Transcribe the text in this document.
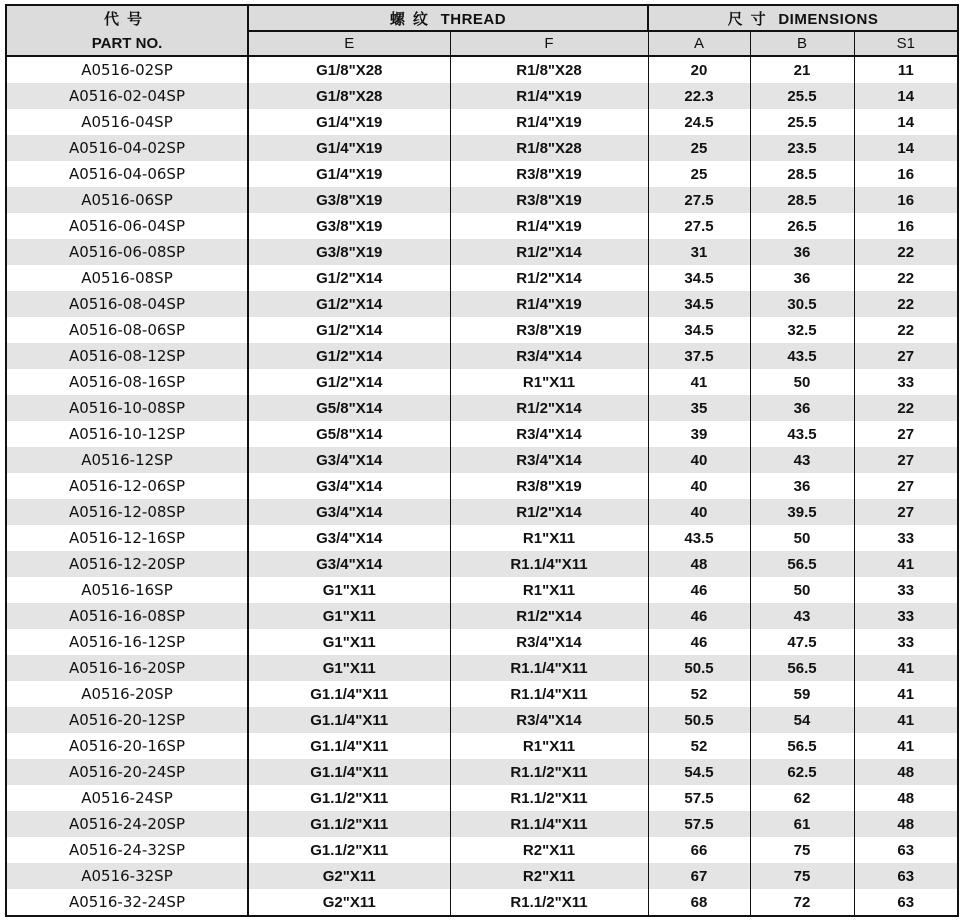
代号	螺纹 THREAD		尺寸 DIMENSIONS		
PART NO.	E	F	A	B	S1
A0516-02SP	G1/8"X28	R1/8"X28	20	21	11
A0516-02-04SP	G1/8"X28	R1/4"X19	22.3	25.5	14
A0516-04SP	G1/4"X19	R1/4"X19	24.5	25.5	14
A0516-04-02SP	G1/4"X19	R1/8"X28	25	23.5	14
A0516-04-06SP	G1/4"X19	R3/8"X19	25	28.5	16
A0516-06SP	G3/8"X19	R3/8"X19	27.5	28.5	16
A0516-06-04SP	G3/8"X19	R1/4"X19	27.5	26.5	16
A0516-06-08SP	G3/8"X19	R1/2"X14	31	36	22
A0516-08SP	G1/2"X14	R1/2"X14	34.5	36	22
A0516-08-04SP	G1/2"X14	R1/4"X19	34.5	30.5	22
A0516-08-06SP	G1/2"X14	R3/8"X19	34.5	32.5	22
A0516-08-12SP	G1/2"X14	R3/4"X14	37.5	43.5	27
A0516-08-16SP	G1/2"X14	R1"X11	41	50	33
A0516-10-08SP	G5/8"X14	R1/2"X14	35	36	22
A0516-10-12SP	G5/8"X14	R3/4"X14	39	43.5	27
A0516-12SP	G3/4"X14	R3/4"X14	40	43	27
A0516-12-06SP	G3/4"X14	R3/8"X19	40	36	27
A0516-12-08SP	G3/4"X14	R1/2"X14	40	39.5	27
A0516-12-16SP	G3/4"X14	R1"X11	43.5	50	33
A0516-12-20SP	G3/4"X14	R1.1/4"X11	48	56.5	41
A0516-16SP	G1"X11	R1"X11	46	50	33
A0516-16-08SP	G1"X11	R1/2"X14	46	43	33
A0516-16-12SP	G1"X11	R3/4"X14	46	47.5	33
A0516-16-20SP	G1"X11	R1.1/4"X11	50.5	56.5	41
A0516-20SP	G1.1/4"X11	R1.1/4"X11	52	59	41
A0516-20-12SP	G1.1/4"X11	R3/4"X14	50.5	54	41
A0516-20-16SP	G1.1/4"X11	R1"X11	52	56.5	41
A0516-20-24SP	G1.1/4"X11	R1.1/2"X11	54.5	62.5	48
A0516-24SP	G1.1/2"X11	R1.1/2"X11	57.5	62	48
A0516-24-20SP	G1.1/2"X11	R1.1/4"X11	57.5	61	48
A0516-24-32SP	G1.1/2"X11	R2"X11	66	75	63
A0516-32SP	G2"X11	R2"X11	67	75	63
A0516-32-24SP	G2"X11	R1.1/2"X11	68	72	63
